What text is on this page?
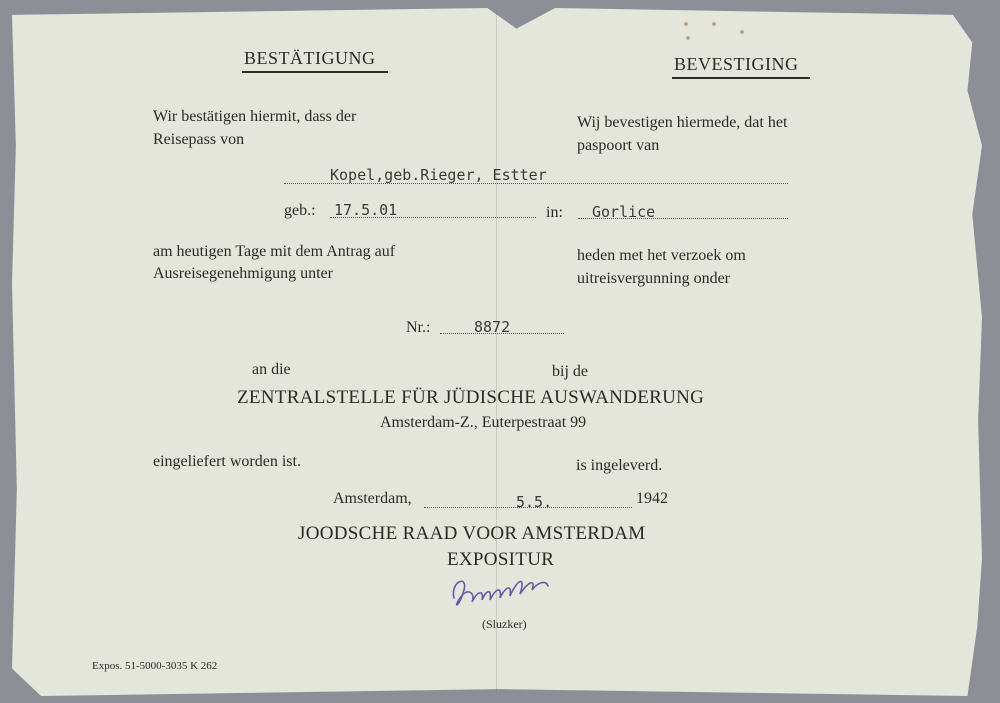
BESTÄTIGUNG	BEVESTIGING
Wir bestätigen hiermit, dass der
Reisepass von
Wij bevestigen hiermede, dat het
paspoort van
Kopel,geb.Rieger, Estter
geb.: 17.5.01	in: Gorlice
am heutigen Tage mit dem Antrag auf
Ausreisegenehmigung unter
heden met het verzoek om
uitreisvergunning onder
Nr.:	8872
an die	bij de
ZENTRALSTELLE FÜR JÜDISCHE AUSWANDERUNG
Amsterdam-Z., Euterpestraat 99
eingeliefert worden ist.	is ingeleverd.
Amsterdam,	5.5.	1942
JOODSCHE RAAD VOOR AMSTERDAM
EXPOSITUR
(Sluzker)
Expos. 51-5000-3035 K 262
